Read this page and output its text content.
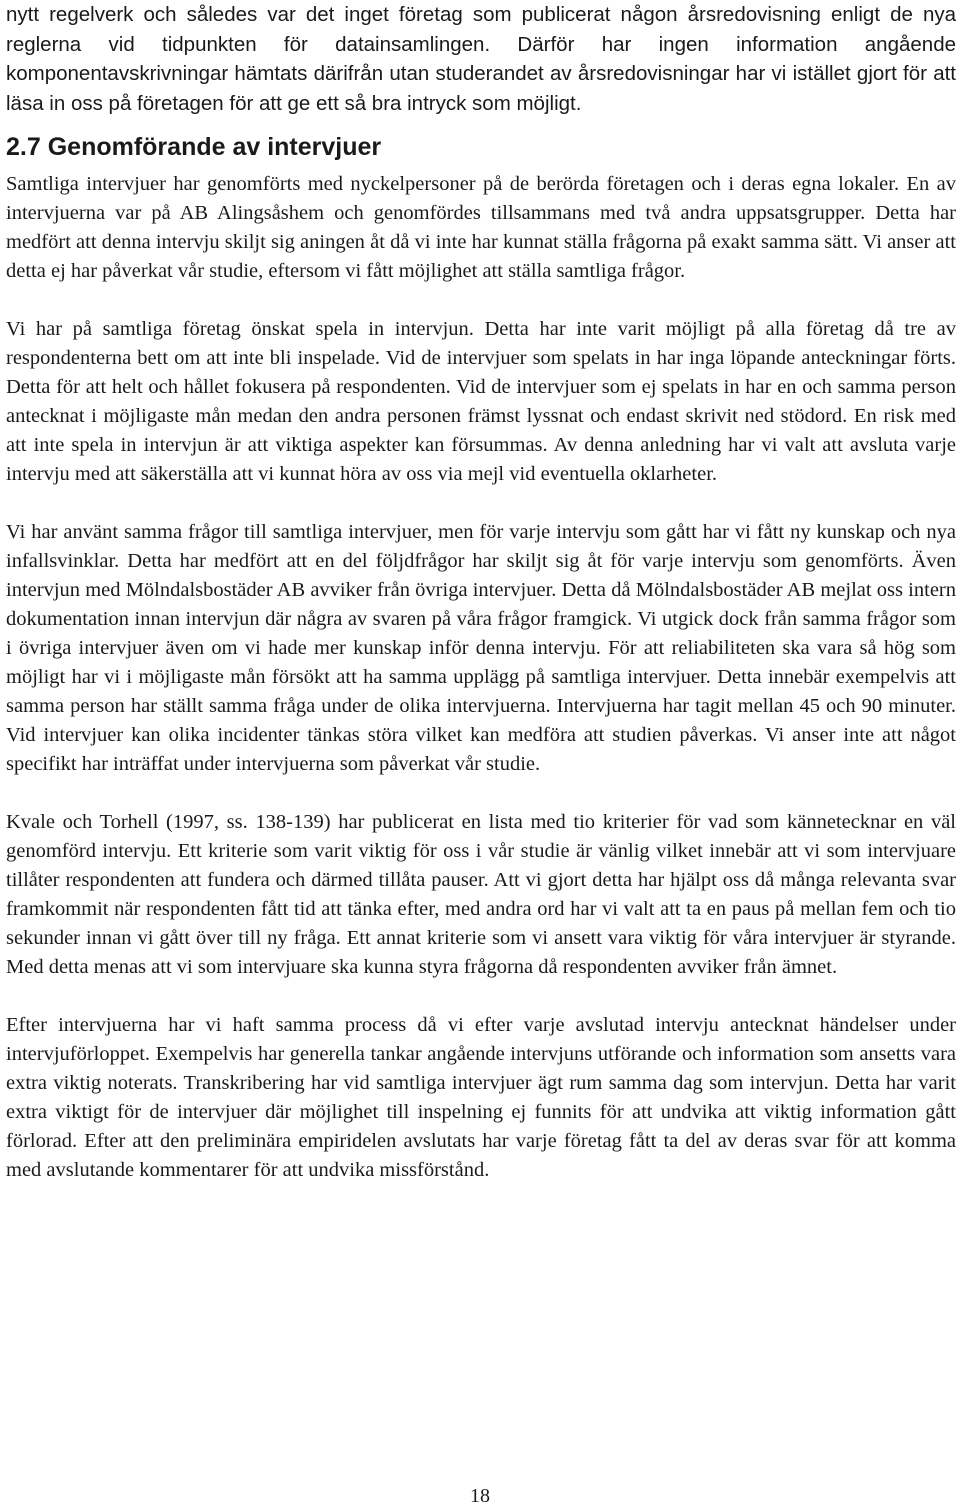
nytt regelverk och således var det inget företag som publicerat någon årsredovisning enligt de nya reglerna vid tidpunkten för datainsamlingen. Därför har ingen information angående komponentavskrivningar hämtats därifrån utan studerandet av årsredovisningar har vi istället gjort för att läsa in oss på företagen för att ge ett så bra intryck som möjligt.

2.7 Genomförande av intervjuer

Samtliga intervjuer har genomförts med nyckelpersoner på de berörda företagen och i deras egna lokaler. En av intervjuerna var på AB Alingsåshem och genomfördes tillsammans med två andra uppsatsgrupper. Detta har medfört att denna intervju skiljt sig aningen åt då vi inte har kunnat ställa frågorna på exakt samma sätt. Vi anser att detta ej har påverkat vår studie, eftersom vi fått möjlighet att ställa samtliga frågor.

Vi har på samtliga företag önskat spela in intervjun. Detta har inte varit möjligt på alla företag då tre av respondenterna bett om att inte bli inspelade. Vid de intervjuer som spelats in har inga löpande anteckningar förts. Detta för att helt och hållet fokusera på respondenten. Vid de intervjuer som ej spelats in har en och samma person antecknat i möjligaste mån medan den andra personen främst lyssnat och endast skrivit ned stödord. En risk med att inte spela in intervjun är att viktiga aspekter kan försummas. Av denna anledning har vi valt att avsluta varje intervju med att säkerställa att vi kunnat höra av oss via mejl vid eventuella oklarheter.

Vi har använt samma frågor till samtliga intervjuer, men för varje intervju som gått har vi fått ny kunskap och nya infallsvinklar. Detta har medfört att en del följdfrågor har skiljt sig åt för varje intervju som genomförts. Även intervjun med Mölndalsbostäder AB avviker från övriga intervjuer. Detta då Mölndalsbostäder AB mejlat oss intern dokumentation innan intervjun där några av svaren på våra frågor framgick. Vi utgick dock från samma frågor som i övriga intervjuer även om vi hade mer kunskap inför denna intervju. För att reliabiliteten ska vara så hög som möjligt har vi i möjligaste mån försökt att ha samma upplägg på samtliga intervjuer. Detta innebär exempelvis att samma person har ställt samma fråga under de olika intervjuerna. Intervjuerna har tagit mellan 45 och 90 minuter. Vid intervjuer kan olika incidenter tänkas störa vilket kan medföra att studien påverkas. Vi anser inte att något specifikt har inträffat under intervjuerna som påverkat vår studie.

Kvale och Torhell (1997, ss. 138-139) har publicerat en lista med tio kriterier för vad som kännetecknar en väl genomförd intervju. Ett kriterie som varit viktig för oss i vår studie är vänlig vilket innebär att vi som intervjuare tillåter respondenten att fundera och därmed tillåta pauser. Att vi gjort detta har hjälpt oss då många relevanta svar framkommit när respondenten fått tid att tänka efter, med andra ord har vi valt att ta en paus på mellan fem och tio sekunder innan vi gått över till ny fråga. Ett annat kriterie som vi ansett vara viktig för våra intervjuer är styrande. Med detta menas att vi som intervjuare ska kunna styra frågorna då respondenten avviker från ämnet.

Efter intervjuerna har vi haft samma process då vi efter varje avslutad intervju antecknat händelser under intervjuförloppet. Exempelvis har generella tankar angående intervjuns utförande och information som ansetts vara extra viktig noterats. Transkribering har vid samtliga intervjuer ägt rum samma dag som intervjun. Detta har varit extra viktigt för de intervjuer där möjlighet till inspelning ej funnits för att undvika att viktig information gått förlorad. Efter att den preliminära empiridelen avslutats har varje företag fått ta del av deras svar för att komma med avslutande kommentarer för att undvika missförstånd.

18
